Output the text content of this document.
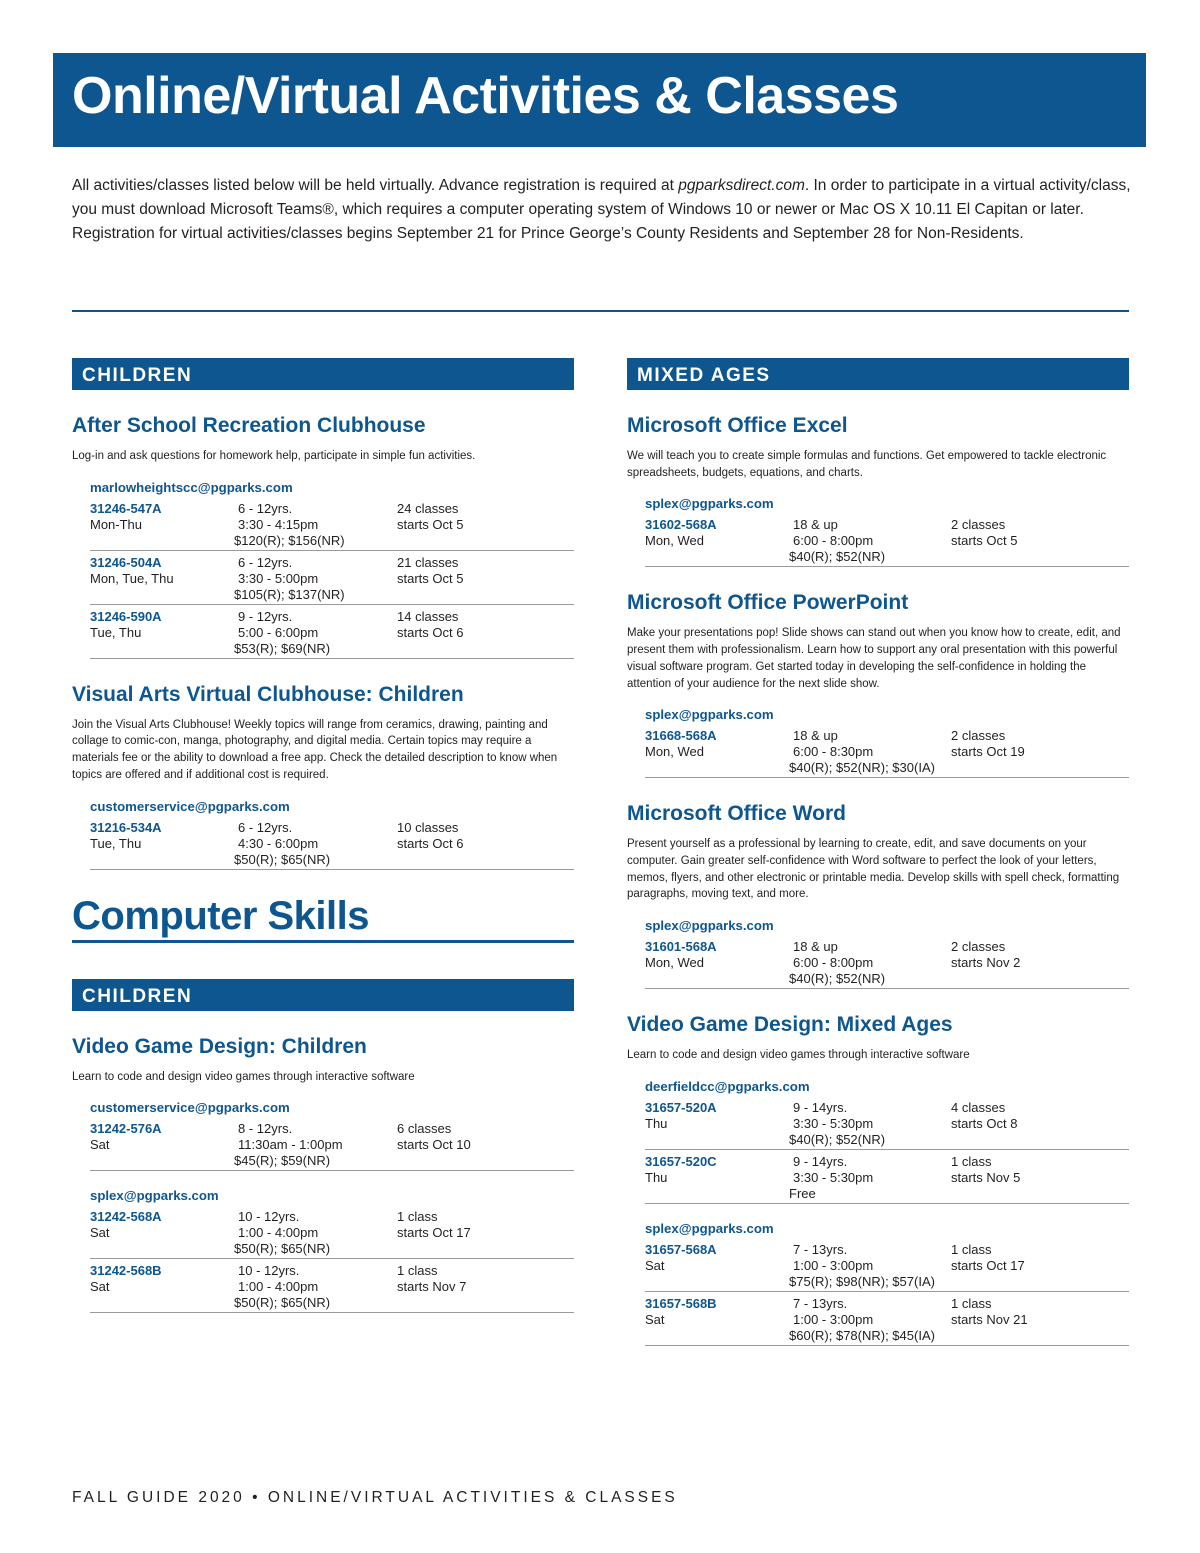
Online/Virtual Activities & Classes

All activities/classes listed below will be held virtually. Advance registration is required at pgparksdirect.com. In order to participate in a virtual activity/class, you must download Microsoft Teams®, which requires a computer operating system of Windows 10 or newer or Mac OS X 10.11 El Capitan or later. Registration for virtual activities/classes begins September 21 for Prince George’s County Residents and September 28 for Non-Residents.

CHILDREN
After School Recreation Clubhouse

Log-in and ask questions for homework help, participate in simple fun activities.

marlowheightscc@pgparks.com
31246-547A
Mon-Thu
6 - 12yrs.
3:30 - 4:15pm
$120(R); $156(NR)
24 classes
starts Oct 5
31246-504A
Mon, Tue, Thu
6 - 12yrs.
3:30 - 5:00pm
$105(R); $137(NR)
21 classes
starts Oct 5
31246-590A
Tue, Thu
9 - 12yrs.
5:00 - 6:00pm
$53(R); $69(NR)
14 classes
starts Oct 6
Visual Arts Virtual Clubhouse: Children

Join the Visual Arts Clubhouse! Weekly topics will range from ceramics, drawing, painting and collage to comic-con, manga, photography, and digital media. Certain topics may require a materials fee or the ability to download a free app. Check the detailed description to know when topics are offered and if additional cost is required.

customerservice@pgparks.com
31216-534A
Tue, Thu
6 - 12yrs.
4:30 - 6:00pm
$50(R); $65(NR)
10 classes
starts Oct 6
Computer Skills
CHILDREN
Video Game Design: Children

Learn to code and design video games through interactive software

customerservice@pgparks.com
31242-576A
Sat
8 - 12yrs.
11:30am - 1:00pm
$45(R); $59(NR)
6 classes
starts Oct 10
splex@pgparks.com
31242-568A
Sat
10 - 12yrs.
1:00 - 4:00pm
$50(R); $65(NR)
1 class
starts Oct 17
31242-568B
Sat
10 - 12yrs.
1:00 - 4:00pm
$50(R); $65(NR)
1 class
starts Nov 7
MIXED AGES
Microsoft Office Excel

We will teach you to create simple formulas and functions. Get empowered to tackle electronic spreadsheets, budgets, equations, and charts.

splex@pgparks.com
31602-568A
Mon, Wed
18 & up
6:00 - 8:00pm
$40(R); $52(NR)
2 classes
starts Oct 5
Microsoft Office PowerPoint

Make your presentations pop! Slide shows can stand out when you know how to create, edit, and present them with professionalism. Learn how to support any oral presentation with this powerful visual software program. Get started today in developing the self-confidence in holding the attention of your audience for the next slide show.

splex@pgparks.com
31668-568A
Mon, Wed
18 & up
6:00 - 8:30pm
$40(R); $52(NR); $30(IA)
2 classes
starts Oct 19
Microsoft Office Word

Present yourself as a professional by learning to create, edit, and save documents on your computer. Gain greater self-confidence with Word software to perfect the look of your letters, memos, flyers, and other electronic or printable media. Develop skills with spell check, formatting paragraphs, moving text, and more.

splex@pgparks.com
31601-568A
Mon, Wed
18 & up
6:00 - 8:00pm
$40(R); $52(NR)
2 classes
starts Nov 2
Video Game Design: Mixed Ages

Learn to code and design video games through interactive software

deerfieldcc@pgparks.com
31657-520A
Thu
9 - 14yrs.
3:30 - 5:30pm
$40(R); $52(NR)
4 classes
starts Oct 8
31657-520C
Thu
9 - 14yrs.
3:30 - 5:30pm
Free
1 class
starts Nov 5
splex@pgparks.com
31657-568A
Sat
7 - 13yrs.
1:00 - 3:00pm
$75(R); $98(NR); $57(IA)
1 class
starts Oct 17
31657-568B
Sat
7 - 13yrs.
1:00 - 3:00pm
$60(R); $78(NR); $45(IA)
1 class
starts Nov 21
FALL GUIDE 2020 • ONLINE/VIRTUAL ACTIVITIES & CLASSES
